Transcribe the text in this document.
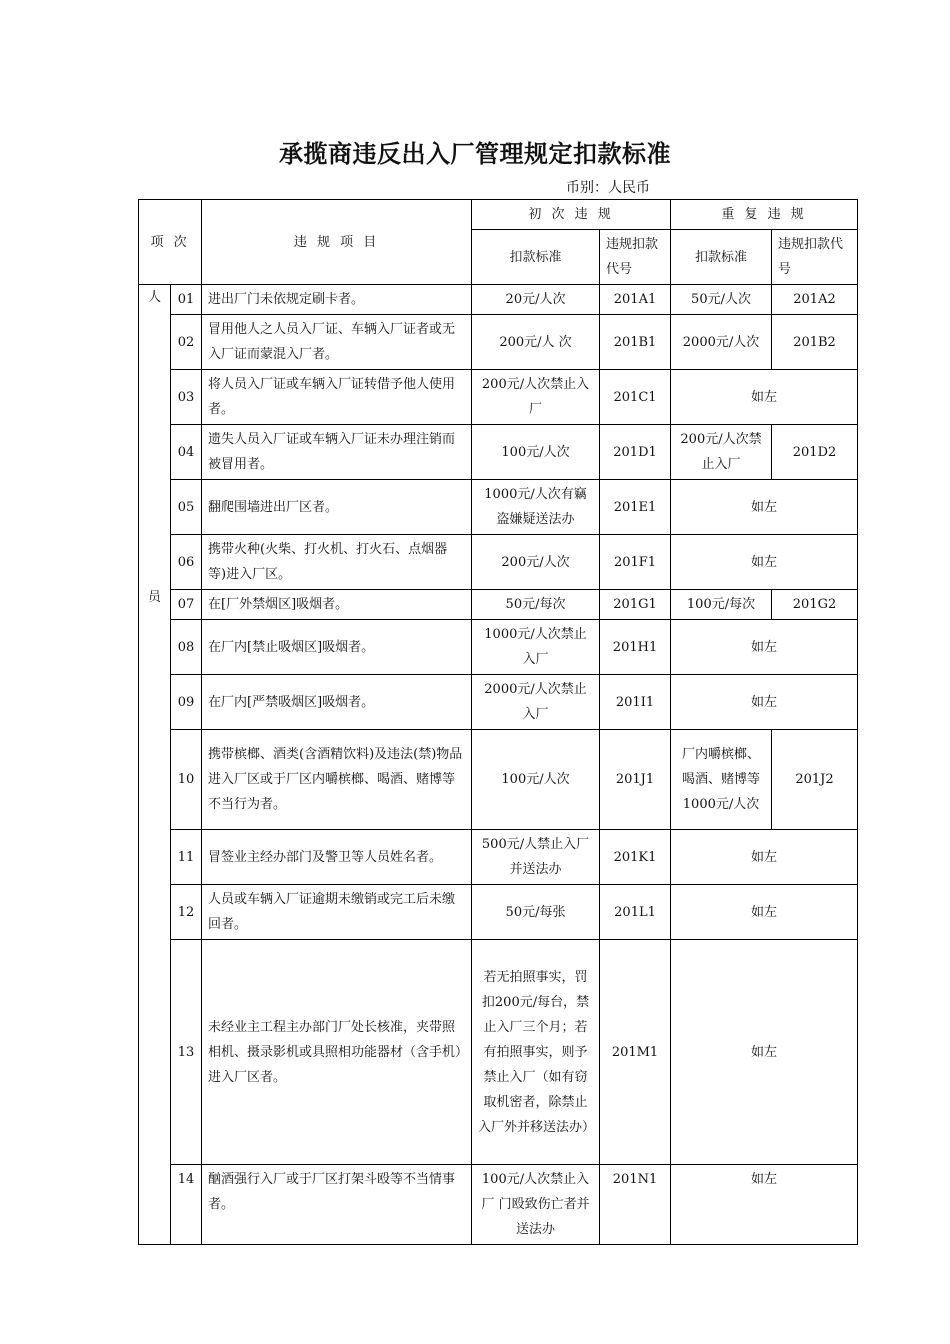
承揽商违反出入厂管理规定扣款标准
币别：人民币
项 次		违 规 项 目	初 次 违 规		重 复 违 规	
			扣款标准	违规扣款代号	扣款标准	违规扣款代号

人
员	01	进出厂门未依规定刷卡者。	20元/人次	201A1	50元/人次	201A2
	02	冒用他人之人员入厂证、车辆入厂证者或无入厂证而蒙混入厂者。	200元/人 次	201B1	2000元/人次	201B2
	03	将人员入厂证或车辆入厂证转借予他人使用者。	200元/人次禁止入厂	201C1	如左	
	04	遗失人员入厂证或车辆入厂证未办理注销而被冒用者。	100元/人次	201D1	200元/人次禁止入厂	201D2
	05	翻爬围墙进出厂区者。	1000元/人次有竊盗嫌疑送法办	201E1	如左	
	06	携带火种(火柴、打火机、打火石、点烟器等)进入厂区。	200元/人次	201F1	如左	
	07	在[厂外禁烟区]吸烟者。	50元/每次	201G1	100元/每次	201G2
	08	在厂内[禁止吸烟区]吸烟者。	1000元/人次禁止入厂	201H1	如左	
	09	在厂内[严禁吸烟区]吸烟者。	2000元/人次禁止入厂	201I1	如左	
	10	携带槟榔、酒类(含酒精饮料)及违法(禁)物品进入厂区或于厂区内嚼槟榔、喝酒、赌博等不当行为者。	100元/人次	201J1	厂内嚼槟榔、喝酒、赌博等1000元/人次	201J2
	11	冒签业主经办部门及警卫等人员姓名者。	500元/人禁止入厂并送法办	201K1	如左	
	12	人员或车辆入厂证逾期未缴销或完工后未缴回者。	50元/每张	201L1	如左	
	13	未经业主工程主办部门厂处长核准，夹带照相机、摄录影机或具照相功能器材（含手机）进入厂区者。	若无拍照事实，罚扣200元/每台，禁止入厂三个月；若有拍照事实，则予禁止入厂（如有窃 取机密者，除禁止入厂外并移送法办）	201M1	如左	
	14	酗酒强行入厂或于厂区打架斗殴等不当情事者。	100元/人次禁止入厂 门殴致伤亡者并送法办	201N1	如左	
